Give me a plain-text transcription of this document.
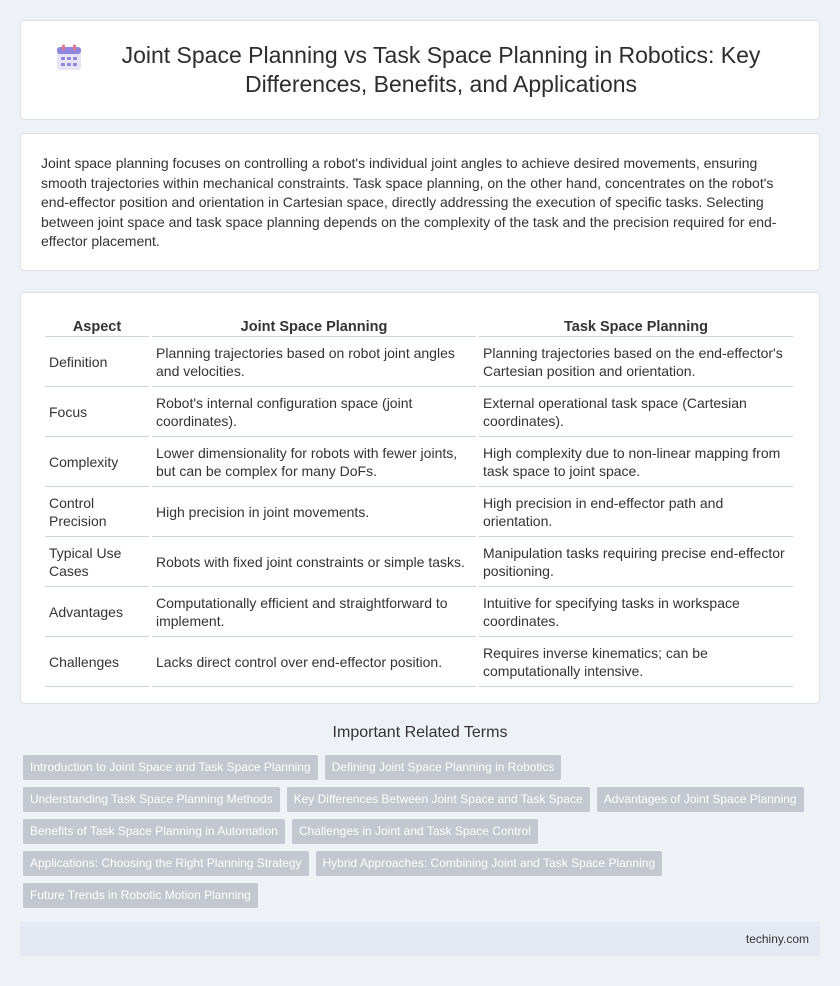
Joint Space Planning vs Task Space Planning in Robotics: Key Differences, Benefits, and Applications

Joint space planning focuses on controlling a robot's individual joint angles to achieve desired movements, ensuring smooth trajectories within mechanical constraints. Task space planning, on the other hand, concentrates on the robot's end-effector position and orientation in Cartesian space, directly addressing the execution of specific tasks. Selecting between joint space and task space planning depends on the complexity of the task and the precision required for end-effector placement.

Aspect	Joint Space Planning	Task Space Planning
Definition	Planning trajectories based on robot joint angles and velocities.	Planning trajectories based on the end-effector's Cartesian position and orientation.
Focus	Robot's internal configuration space (joint coordinates).	External operational task space (Cartesian coordinates).
Complexity	Lower dimensionality for robots with fewer joints, but can be complex for many DoFs.	High complexity due to non-linear mapping from task space to joint space.
Control Precision	High precision in joint movements.	High precision in end-effector path and orientation.
Typical Use Cases	Robots with fixed joint constraints or simple tasks.	Manipulation tasks requiring precise end-effector positioning.
Advantages	Computationally efficient and straightforward to implement.	Intuitive for specifying tasks in workspace coordinates.
Challenges	Lacks direct control over end-effector position.	Requires inverse kinematics; can be computationally intensive.
Important Related Terms
Introduction to Joint Space and Task Space Planning	Defining Joint Space Planning in Robotics
Understanding Task Space Planning Methods	Key Differences Between Joint Space and Task Space	Advantages of Joint Space Planning
Benefits of Task Space Planning in Automation	Challenges in Joint and Task Space Control
Applications: Choosing the Right Planning Strategy	Hybrid Approaches: Combining Joint and Task Space Planning
Future Trends in Robotic Motion Planning
techiny.com
